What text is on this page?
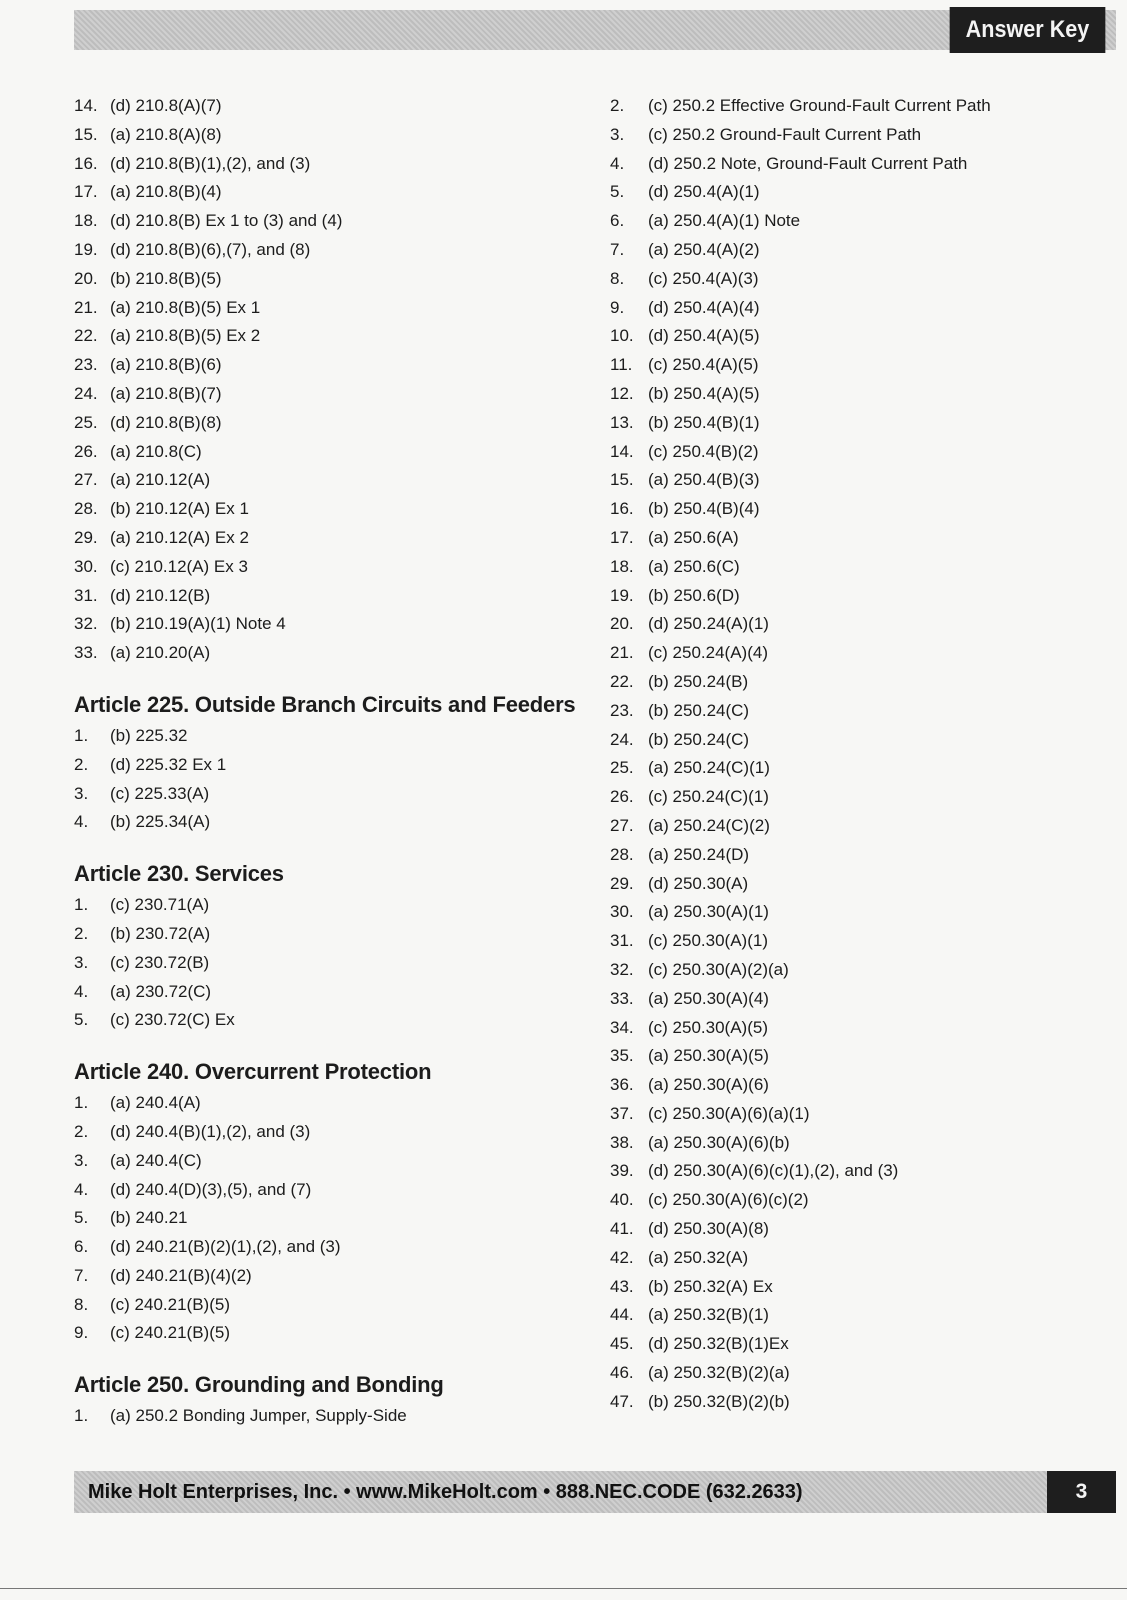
Answer Key
14. (d) 210.8(A)(7)
15. (a) 210.8(A)(8)
16. (d) 210.8(B)(1),(2), and (3)
17. (a) 210.8(B)(4)
18. (d) 210.8(B) Ex 1 to (3) and (4)
19. (d) 210.8(B)(6),(7), and (8)
20. (b) 210.8(B)(5)
21. (a) 210.8(B)(5) Ex 1
22. (a) 210.8(B)(5) Ex 2
23. (a) 210.8(B)(6)
24. (a) 210.8(B)(7)
25. (d) 210.8(B)(8)
26. (a) 210.8(C)
27. (a) 210.12(A)
28. (b) 210.12(A) Ex 1
29. (a) 210.12(A) Ex 2
30. (c) 210.12(A) Ex 3
31. (d) 210.12(B)
32. (b) 210.19(A)(1) Note 4
33. (a) 210.20(A)
Article 225. Outside Branch Circuits and Feeders
1. (b) 225.32
2. (d) 225.32 Ex 1
3. (c) 225.33(A)
4. (b) 225.34(A)
Article 230. Services
1. (c) 230.71(A)
2. (b) 230.72(A)
3. (c) 230.72(B)
4. (a) 230.72(C)
5. (c) 230.72(C) Ex
Article 240. Overcurrent Protection
1. (a) 240.4(A)
2. (d) 240.4(B)(1),(2), and (3)
3. (a) 240.4(C)
4. (d) 240.4(D)(3),(5), and (7)
5. (b) 240.21
6. (d) 240.21(B)(2)(1),(2), and (3)
7. (d) 240.21(B)(4)(2)
8. (c) 240.21(B)(5)
9. (c) 240.21(B)(5)
Article 250. Grounding and Bonding
1. (a) 250.2 Bonding Jumper, Supply-Side
2. (c) 250.2 Effective Ground-Fault Current Path
3. (c) 250.2 Ground-Fault Current Path
4. (d) 250.2 Note, Ground-Fault Current Path
5. (d) 250.4(A)(1)
6. (a) 250.4(A)(1) Note
7. (a) 250.4(A)(2)
8. (c) 250.4(A)(3)
9. (d) 250.4(A)(4)
10. (d) 250.4(A)(5)
11. (c) 250.4(A)(5)
12. (b) 250.4(A)(5)
13. (b) 250.4(B)(1)
14. (c) 250.4(B)(2)
15. (a) 250.4(B)(3)
16. (b) 250.4(B)(4)
17. (a) 250.6(A)
18. (a) 250.6(C)
19. (b) 250.6(D)
20. (d) 250.24(A)(1)
21. (c) 250.24(A)(4)
22. (b) 250.24(B)
23. (b) 250.24(C)
24. (b) 250.24(C)
25. (a) 250.24(C)(1)
26. (c) 250.24(C)(1)
27. (a) 250.24(C)(2)
28. (a) 250.24(D)
29. (d) 250.30(A)
30. (a) 250.30(A)(1)
31. (c) 250.30(A)(1)
32. (c) 250.30(A)(2)(a)
33. (a) 250.30(A)(4)
34. (c) 250.30(A)(5)
35. (a) 250.30(A)(5)
36. (a) 250.30(A)(6)
37. (c) 250.30(A)(6)(a)(1)
38. (a) 250.30(A)(6)(b)
39. (d) 250.30(A)(6)(c)(1),(2), and (3)
40. (c) 250.30(A)(6)(c)(2)
41. (d) 250.30(A)(8)
42. (a) 250.32(A)
43. (b) 250.32(A) Ex
44. (a) 250.32(B)(1)
45. (d) 250.32(B)(1)Ex
46. (a) 250.32(B)(2)(a)
47. (b) 250.32(B)(2)(b)
Mike Holt Enterprises, Inc. • www.MikeHolt.com • 888.NEC.CODE (632.2633)	3
